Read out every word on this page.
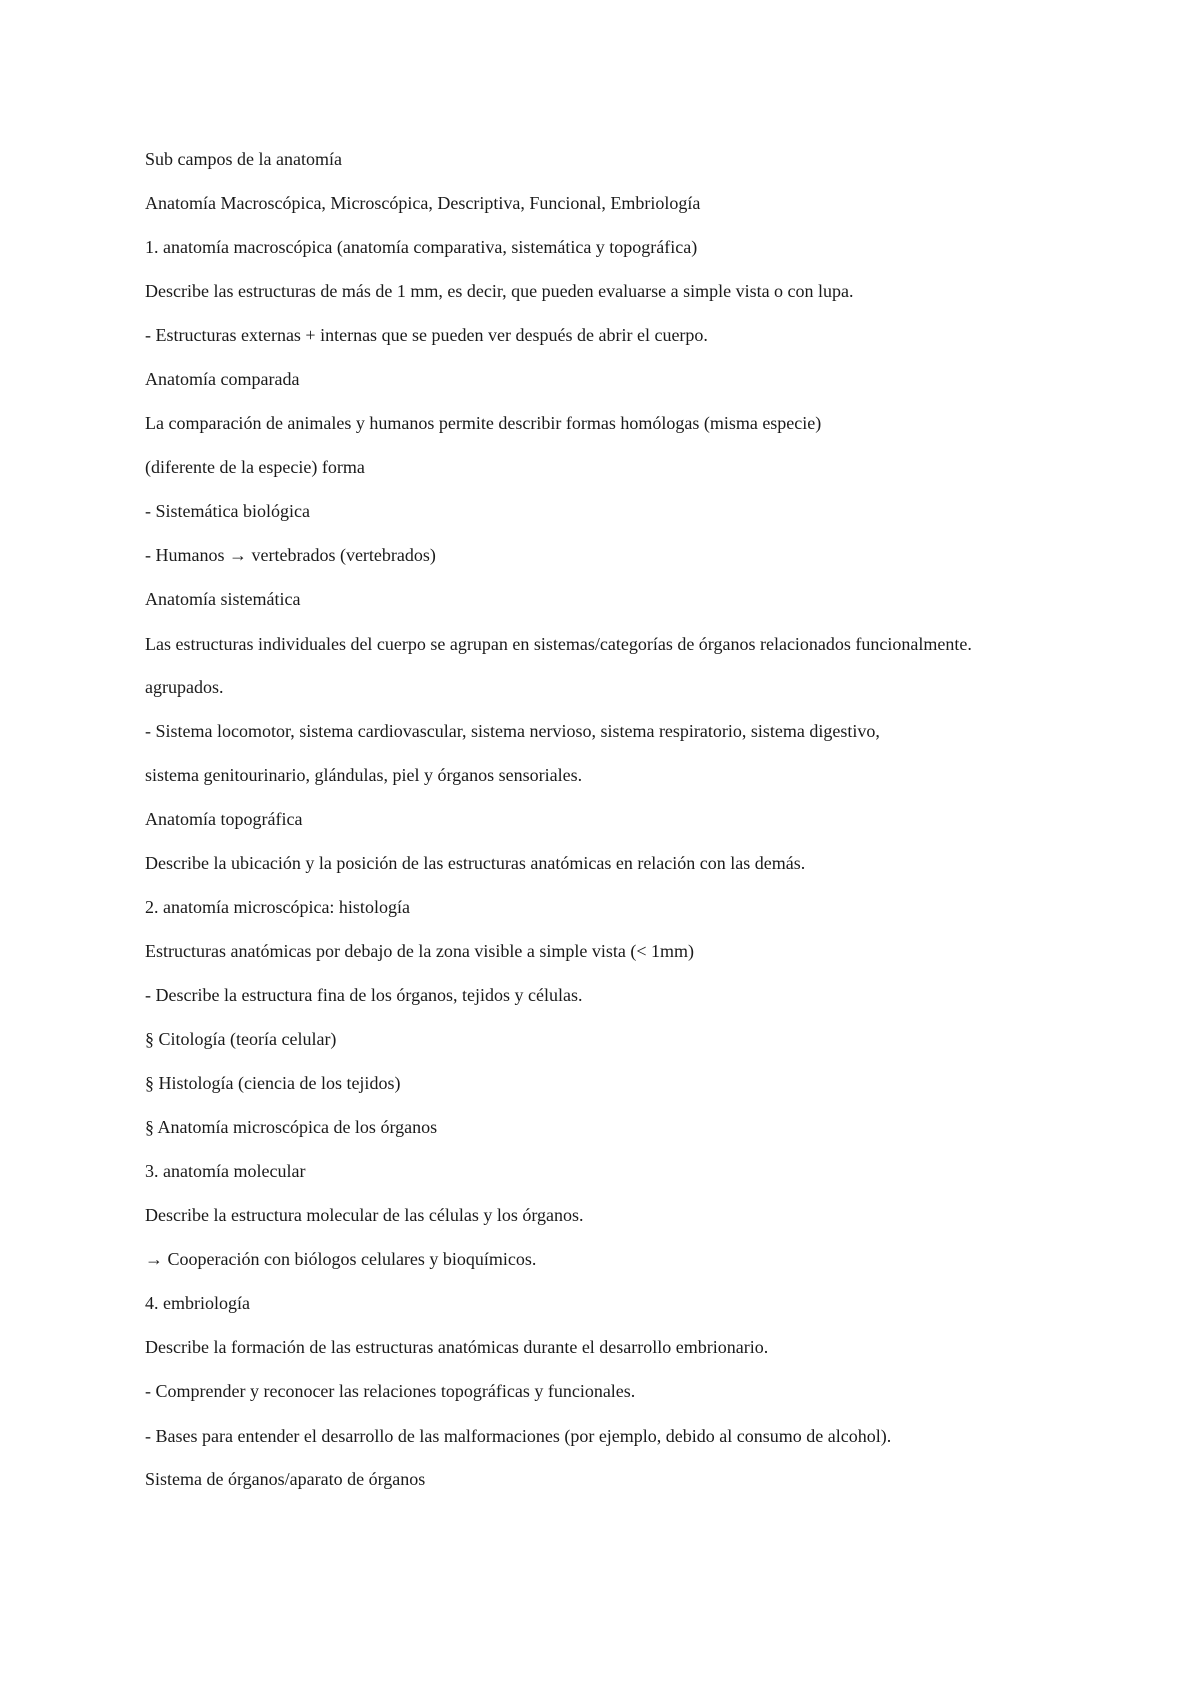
Sub campos de la anatomía

Anatomía Macroscópica, Microscópica, Descriptiva, Funcional, Embriología

1. anatomía macroscópica (anatomía comparativa, sistemática y topográfica)

Describe las estructuras de más de 1 mm, es decir, que pueden evaluarse a simple vista o con lupa.

- Estructuras externas + internas que se pueden ver después de abrir el cuerpo.

Anatomía comparada

La comparación de animales y humanos permite describir formas homólogas (misma especie)

(diferente de la especie) forma

- Sistemática biológica

- Humanos → vertebrados (vertebrados)

Anatomía sistemática

Las estructuras individuales del cuerpo se agrupan en sistemas/categorías de órganos relacionados funcionalmente.

agrupados.

- Sistema locomotor, sistema cardiovascular, sistema nervioso, sistema respiratorio, sistema digestivo,

sistema genitourinario, glándulas, piel y órganos sensoriales.

Anatomía topográfica

Describe la ubicación y la posición de las estructuras anatómicas en relación con las demás.

2. anatomía microscópica: histología

Estructuras anatómicas por debajo de la zona visible a simple vista (< 1mm)

- Describe la estructura fina de los órganos, tejidos y células.

§ Citología (teoría celular)

§ Histología (ciencia de los tejidos)

§ Anatomía microscópica de los órganos

3. anatomía molecular

Describe la estructura molecular de las células y los órganos.

→ Cooperación con biólogos celulares y bioquímicos.

4. embriología

Describe la formación de las estructuras anatómicas durante el desarrollo embrionario.

- Comprender y reconocer las relaciones topográficas y funcionales.

- Bases para entender el desarrollo de las malformaciones (por ejemplo, debido al consumo de alcohol).

Sistema de órganos/aparato de órganos
